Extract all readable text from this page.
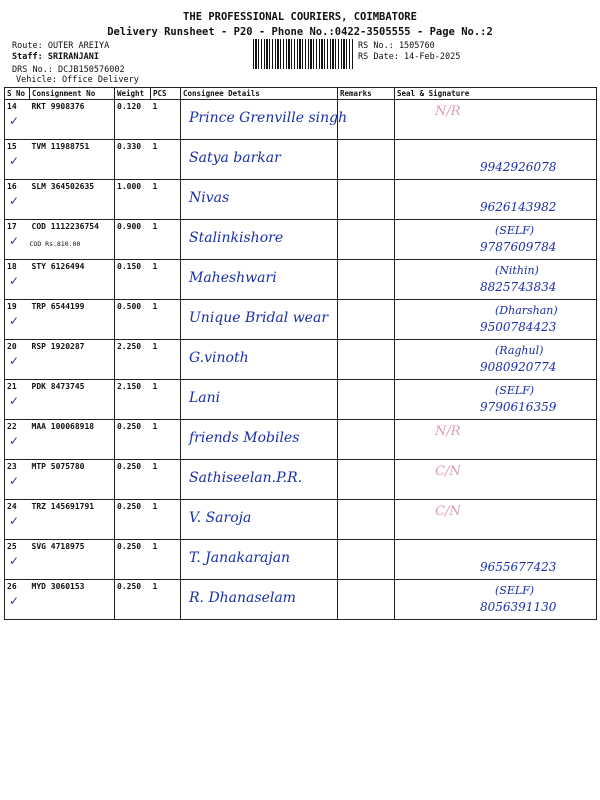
THE PROFESSIONAL COURIERS, COIMBATORE
Delivery Runsheet - P20 - Phone No.:0422-3505555 - Page No.:2
Route: OUTER AREIYA
Staff: SRIRANJANI
DRS No.: DCJB150576002
Vehicle: Office Delivery
RS No.: 1505760
RS Date: 14-Feb-2025
S No	Consignment No	Weight	PCS	Consignee Details	Remarks	Seal & Signature
14
✓	RKT 9908376	0.120	1	Prince Grenville singh		N/R

15
✓	TVM 11988751	0.330	1	Satya barkar		9942926078

16
✓	SLM 364502635	1.000	1	Nivas		9626143982

17
✓	COD 1112236754
COD Rs.810.00	0.900	1	Stalinkishore		(SELF)
9787609784

18
✓	STY 6126494	0.150	1	Maheshwari		(Nithin)
8825743834

19
✓	TRP 6544199	0.500	1	Unique Bridal wear		(Dharshan)
9500784423

20
✓	RSP 1920287	2.250	1	G.vinoth		(Raghul)
9080920774

21
✓	PDK 8473745	2.150	1	Lani		(SELF)
9790616359

22
✓	MAA 100068918	0.250	1	friends Mobiles		N/R

23
✓	MTP 5075780	0.250	1	Sathiseelan.P.R.		C/N

24
✓	TRZ 145691791	0.250	1	V. Saroja		C/N

25
✓	SVG 4718975	0.250	1	T. Janakarajan		9655677423

26
✓	MYD 3060153	0.250	1	R. Dhanaselam		(SELF)
8056391130
